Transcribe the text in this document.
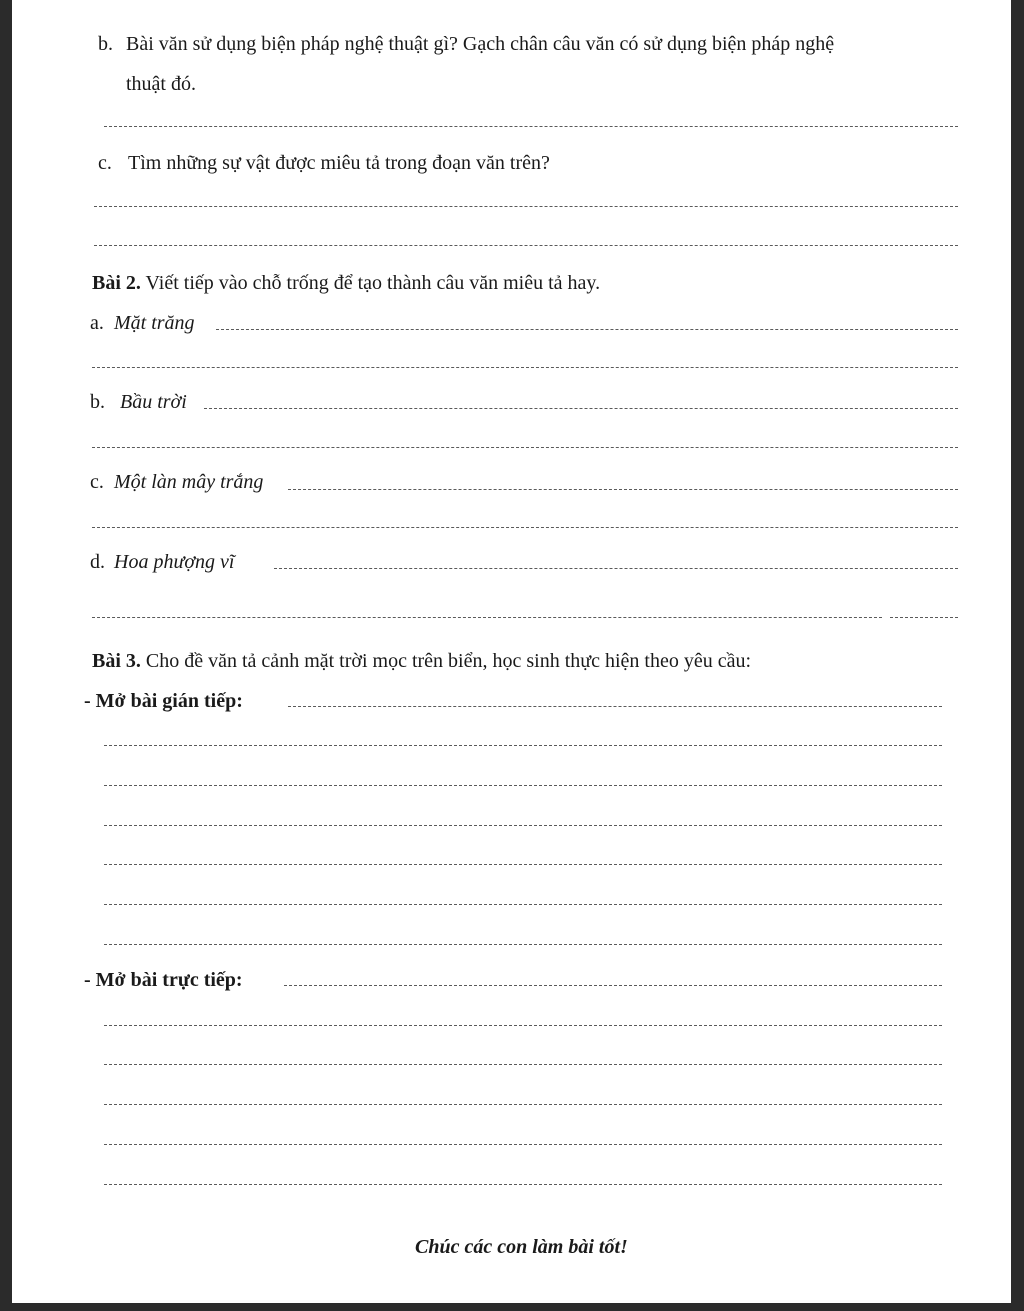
b. Bài văn sử dụng biện pháp nghệ thuật gì? Gạch chân câu văn có sử dụng biện pháp nghệ
thuật đó.
c. Tìm những sự vật được miêu tả trong đoạn văn trên?
Bài 2. Viết tiếp vào chỗ trống để tạo thành câu văn miêu tả hay.
a. Mặt trăng
b. Bầu trời
c. Một làn mây trắng
d. Hoa phượng vĩ
Bài 3. Cho đề văn tả cảnh mặt trời mọc trên biển, học sinh thực hiện theo yêu cầu:
- Mở bài gián tiếp:
- Mở bài trực tiếp:
Chúc các con làm bài tốt!
